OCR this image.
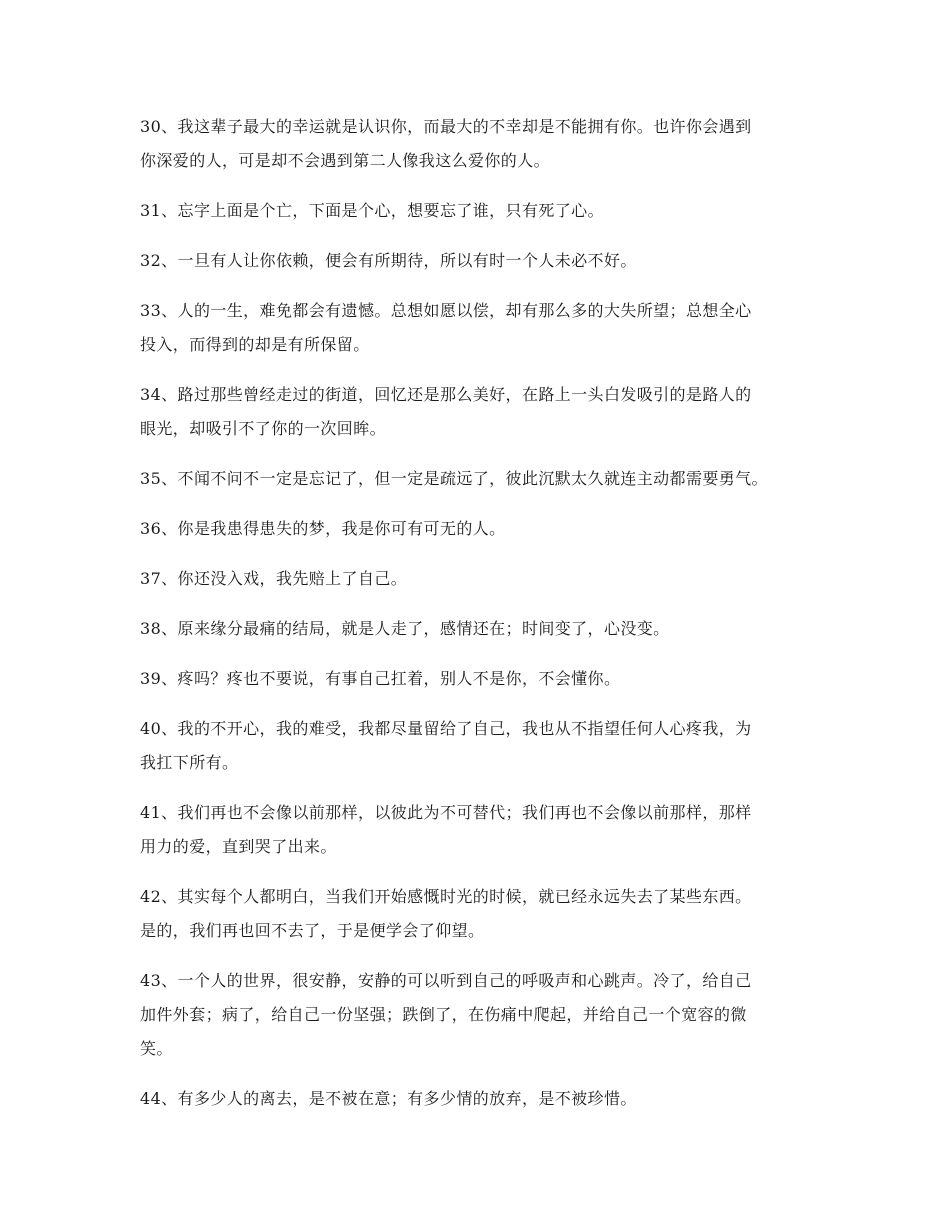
30、我这辈子最大的幸运就是认识你，而最大的不幸却是不能拥有你。也许你会遇到
你深爱的人，可是却不会遇到第二人像我这么爱你的人。

31、忘字上面是个亡，下面是个心，想要忘了谁，只有死了心。

32、一旦有人让你依赖，便会有所期待，所以有时一个人未必不好。

33、人的一生，难免都会有遗憾。总想如愿以偿，却有那么多的大失所望；总想全心
投入，而得到的却是有所保留。

34、路过那些曾经走过的街道，回忆还是那么美好，在路上一头白发吸引的是路人的
眼光，却吸引不了你的一次回眸。

35、不闻不问不一定是忘记了，但一定是疏远了，彼此沉默太久就连主动都需要勇气。

36、你是我患得患失的梦，我是你可有可无的人。

37、你还没入戏，我先赔上了自己。

38、原来缘分最痛的结局，就是人走了，感情还在；时间变了，心没变。

39、疼吗？疼也不要说，有事自己扛着，别人不是你，不会懂你。

40、我的不开心，我的难受，我都尽量留给了自己，我也从不指望任何人心疼我，为
我扛下所有。

41、我们再也不会像以前那样，以彼此为不可替代；我们再也不会像以前那样，那样
用力的爱，直到哭了出来。

42、其实每个人都明白，当我们开始感慨时光的时候，就已经永远失去了某些东西。
是的，我们再也回不去了，于是便学会了仰望。

43、一个人的世界，很安静，安静的可以听到自己的呼吸声和心跳声。冷了，给自己
加件外套；病了，给自己一份坚强；跌倒了，在伤痛中爬起，并给自己一个宽容的微
笑。

44、有多少人的离去，是不被在意；有多少情的放弃，是不被珍惜。
